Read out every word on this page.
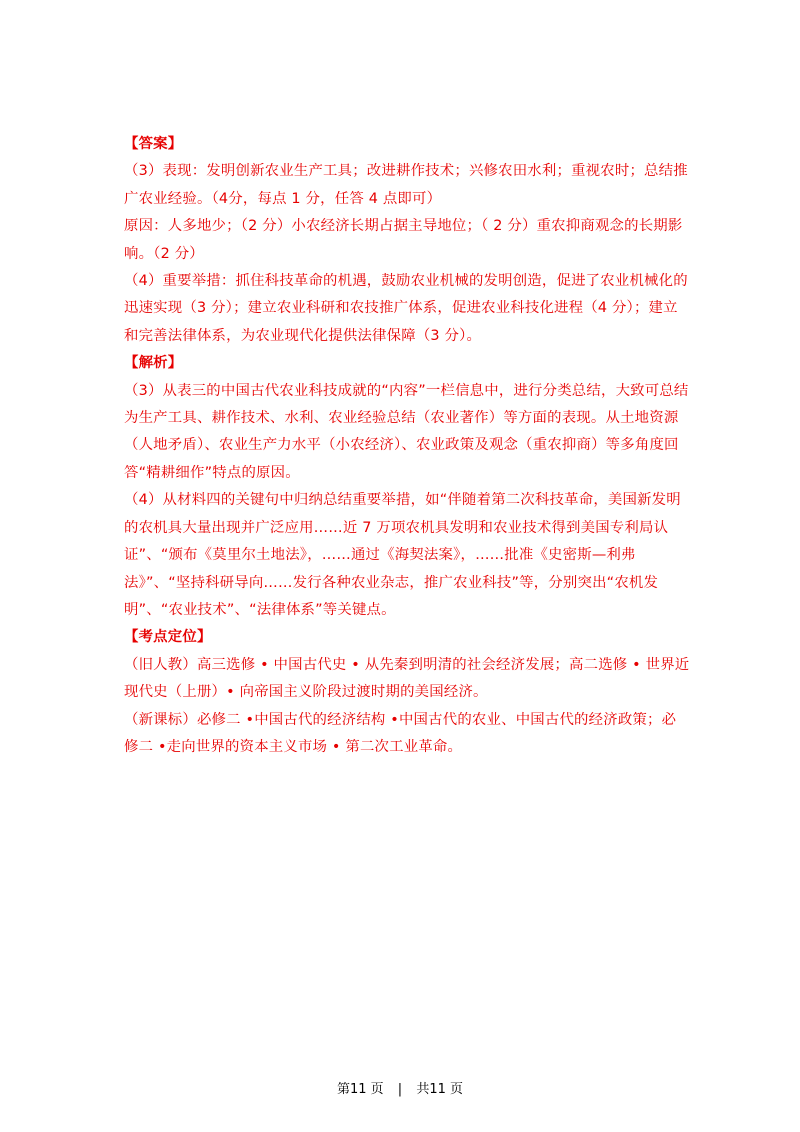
【答案】

（3）表现：发明创新农业生产工具；改进耕作技术；兴修农田水利；重视农时；总结推广农业经验。（4分，每点 1 分，任答 4 点即可）

原因：人多地少；（2 分）小农经济长期占据主导地位；（ 2 分）重农抑商观念的长期影响。（2 分）

（4）重要举措：抓住科技革命的机遇，鼓励农业机械的发明创造，促进了农业机械化的迅速实现（3 分）；建立农业科研和农技推广体系，促进农业科技化进程（4 分）；建立和完善法律体系，为农业现代化提供法律保障（3 分）。

【解析】

（3）从表三的中国古代农业科技成就的“内容”一栏信息中，进行分类总结，大致可总结为生产工具、耕作技术、水利、农业经验总结（农业著作）等方面的表现。从土地资源（人地矛盾）、农业生产力水平（小农经济）、农业政策及观念（重农抑商）等多角度回答“精耕细作”特点的原因。

（4）从材料四的关键句中归纳总结重要举措，如“伴随着第二次科技革命，美国新发明的农机具大量出现并广泛应用……近 7 万项农机具发明和农业技术得到美国专利局认证”、“颁布《莫里尔土地法》，……通过《海契法案》，……批准《史密斯—利弗法》”、“坚持科研导向……发行各种农业杂志，推广农业科技”等，分别突出“农机发明”、“农业技术”、“法律体系”等关键点。

【考点定位】

（旧人教）高三选修 • 中国古代史 • 从先秦到明清的社会经济发展；高二选修 • 世界近现代史（上册）• 向帝国主义阶段过渡时期的美国经济。

（新课标）必修二 •中国古代的经济结构 •中国古代的农业、中国古代的经济政策；必修二 •走向世界的资本主义市场 • 第二次工业革命。

第11 页 | 共11 页
